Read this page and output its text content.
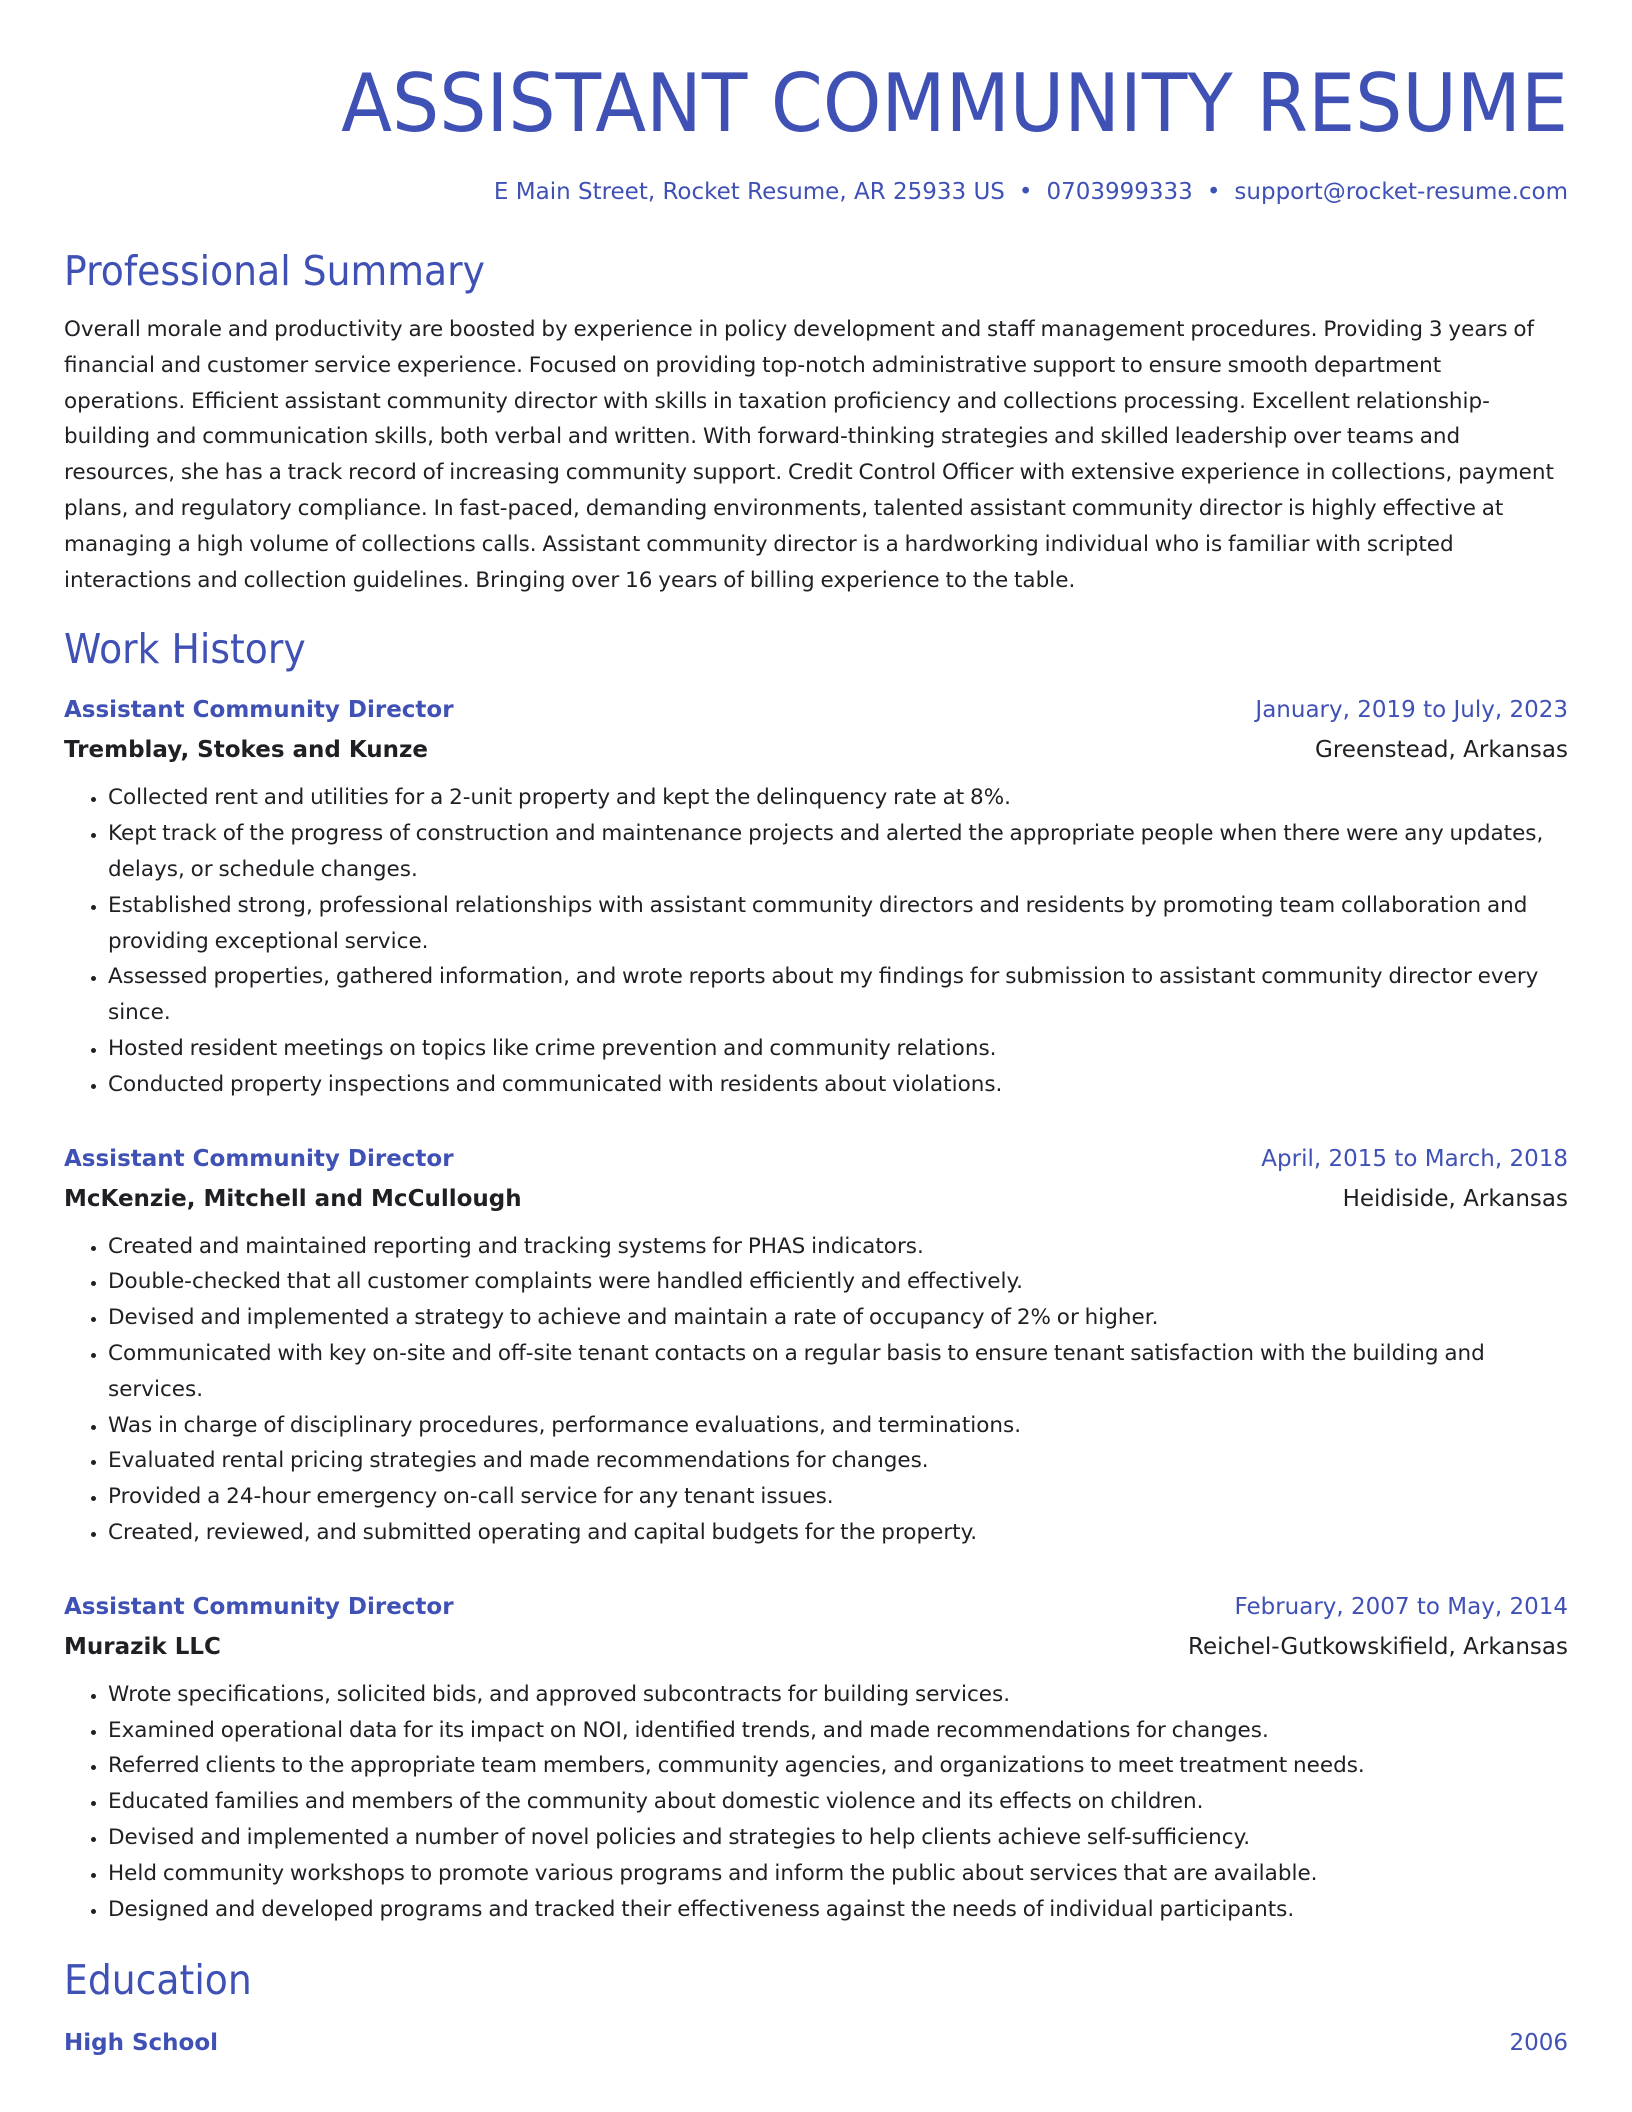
ASSISTANT COMMUNITY RESUME
E Main Street, Rocket Resume, AR 25933 US • 0703999333 • support@rocket-resume.com
Professional Summary

Overall morale and productivity are boosted by experience in policy development and staff management procedures. Providing 3 years of financial and customer service experience. Focused on providing top-notch administrative support to ensure smooth department operations. Efficient assistant community director with skills in taxation proficiency and collections processing. Excellent relationship-building and communication skills, both verbal and written. With forward-thinking strategies and skilled leadership over teams and resources, she has a track record of increasing community support. Credit Control Officer with extensive experience in collections, payment plans, and regulatory compliance. In fast-paced, demanding environments, talented assistant community director is highly effective at managing a high volume of collections calls. Assistant community director is a hardworking individual who is familiar with scripted interactions and collection guidelines. Bringing over 16 years of billing experience to the table.

Work History
Assistant Community Director	January, 2019 to July, 2023
Tremblay, Stokes and Kunze	Greenstead, Arkansas
• Collected rent and utilities for a 2-unit property and kept the delinquency rate at 8%.
• Kept track of the progress of construction and maintenance projects and alerted the appropriate people when there were any updates, delays, or schedule changes.
• Established strong, professional relationships with assistant community directors and residents by promoting team collaboration and providing exceptional service.
• Assessed properties, gathered information, and wrote reports about my findings for submission to assistant community director every since.
• Hosted resident meetings on topics like crime prevention and community relations.
• Conducted property inspections and communicated with residents about violations.
Assistant Community Director	April, 2015 to March, 2018
McKenzie, Mitchell and McCullough	Heidiside, Arkansas
• Created and maintained reporting and tracking systems for PHAS indicators.
• Double-checked that all customer complaints were handled efficiently and effectively.
• Devised and implemented a strategy to achieve and maintain a rate of occupancy of 2% or higher.
• Communicated with key on-site and off-site tenant contacts on a regular basis to ensure tenant satisfaction with the building and services.
• Was in charge of disciplinary procedures, performance evaluations, and terminations.
• Evaluated rental pricing strategies and made recommendations for changes.
• Provided a 24-hour emergency on-call service for any tenant issues.
• Created, reviewed, and submitted operating and capital budgets for the property.
Assistant Community Director	February, 2007 to May, 2014
Murazik LLC	Reichel-Gutkowskifield, Arkansas
• Wrote specifications, solicited bids, and approved subcontracts for building services.
• Examined operational data for its impact on NOI, identified trends, and made recommendations for changes.
• Referred clients to the appropriate team members, community agencies, and organizations to meet treatment needs.
• Educated families and members of the community about domestic violence and its effects on children.
• Devised and implemented a number of novel policies and strategies to help clients achieve self-sufficiency.
• Held community workshops to promote various programs and inform the public about services that are available.
• Designed and developed programs and tracked their effectiveness against the needs of individual participants.
Education
High School	2006
